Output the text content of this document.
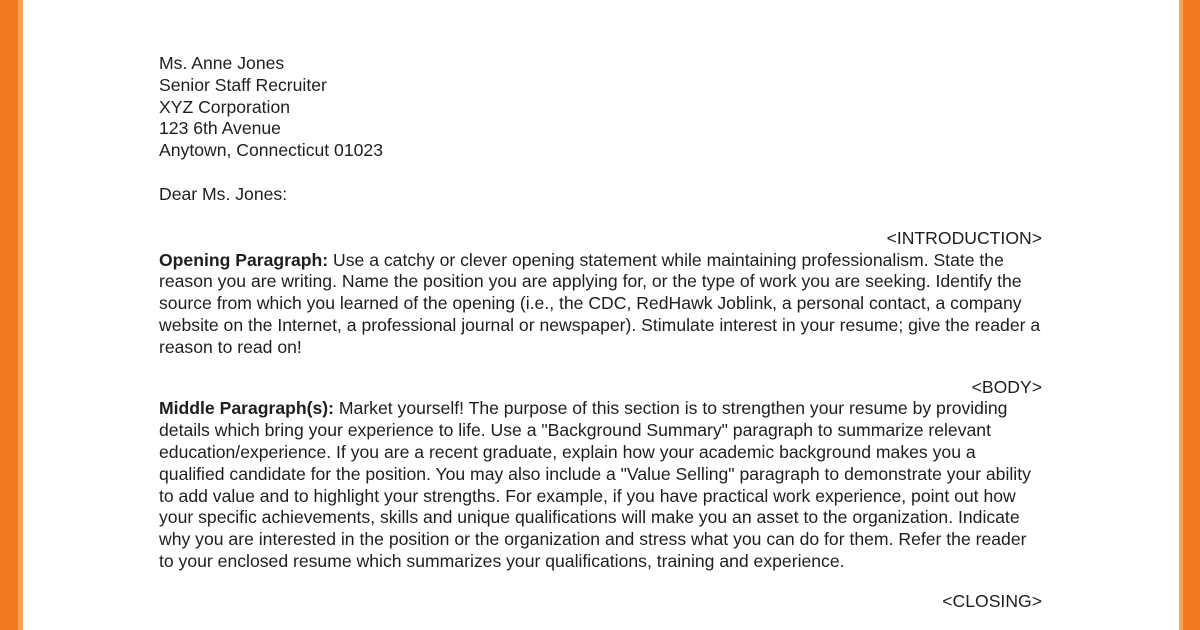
Ms. Anne Jones
Senior Staff Recruiter
XYZ Corporation
123 6th Avenue
Anytown, Connecticut 01023
Dear Ms. Jones:
<INTRODUCTION>

Opening Paragraph: Use a catchy or clever opening statement while maintaining professionalism. State the reason you are writing. Name the position you are applying for, or the type of work you are seeking. Identify the source from which you learned of the opening (i.e., the CDC, RedHawk Joblink, a personal contact, a company website on the Internet, a professional journal or newspaper). Stimulate interest in your resume; give the reader a reason to read on!

<BODY>

Middle Paragraph(s): Market yourself! The purpose of this section is to strengthen your resume by providing details which bring your experience to life. Use a "Background Summary" paragraph to summarize relevant education/experience. If you are a recent graduate, explain how your academic background makes you a qualified candidate for the position. You may also include a "Value Selling" paragraph to demonstrate your ability to add value and to highlight your strengths. For example, if you have practical work experience, point out how your specific achievements, skills and unique qualifications will make you an asset to the organization. Indicate why you are interested in the position or the organization and stress what you can do for them. Refer the reader to your enclosed resume which summarizes your qualifications, training and experience.

<CLOSING>
